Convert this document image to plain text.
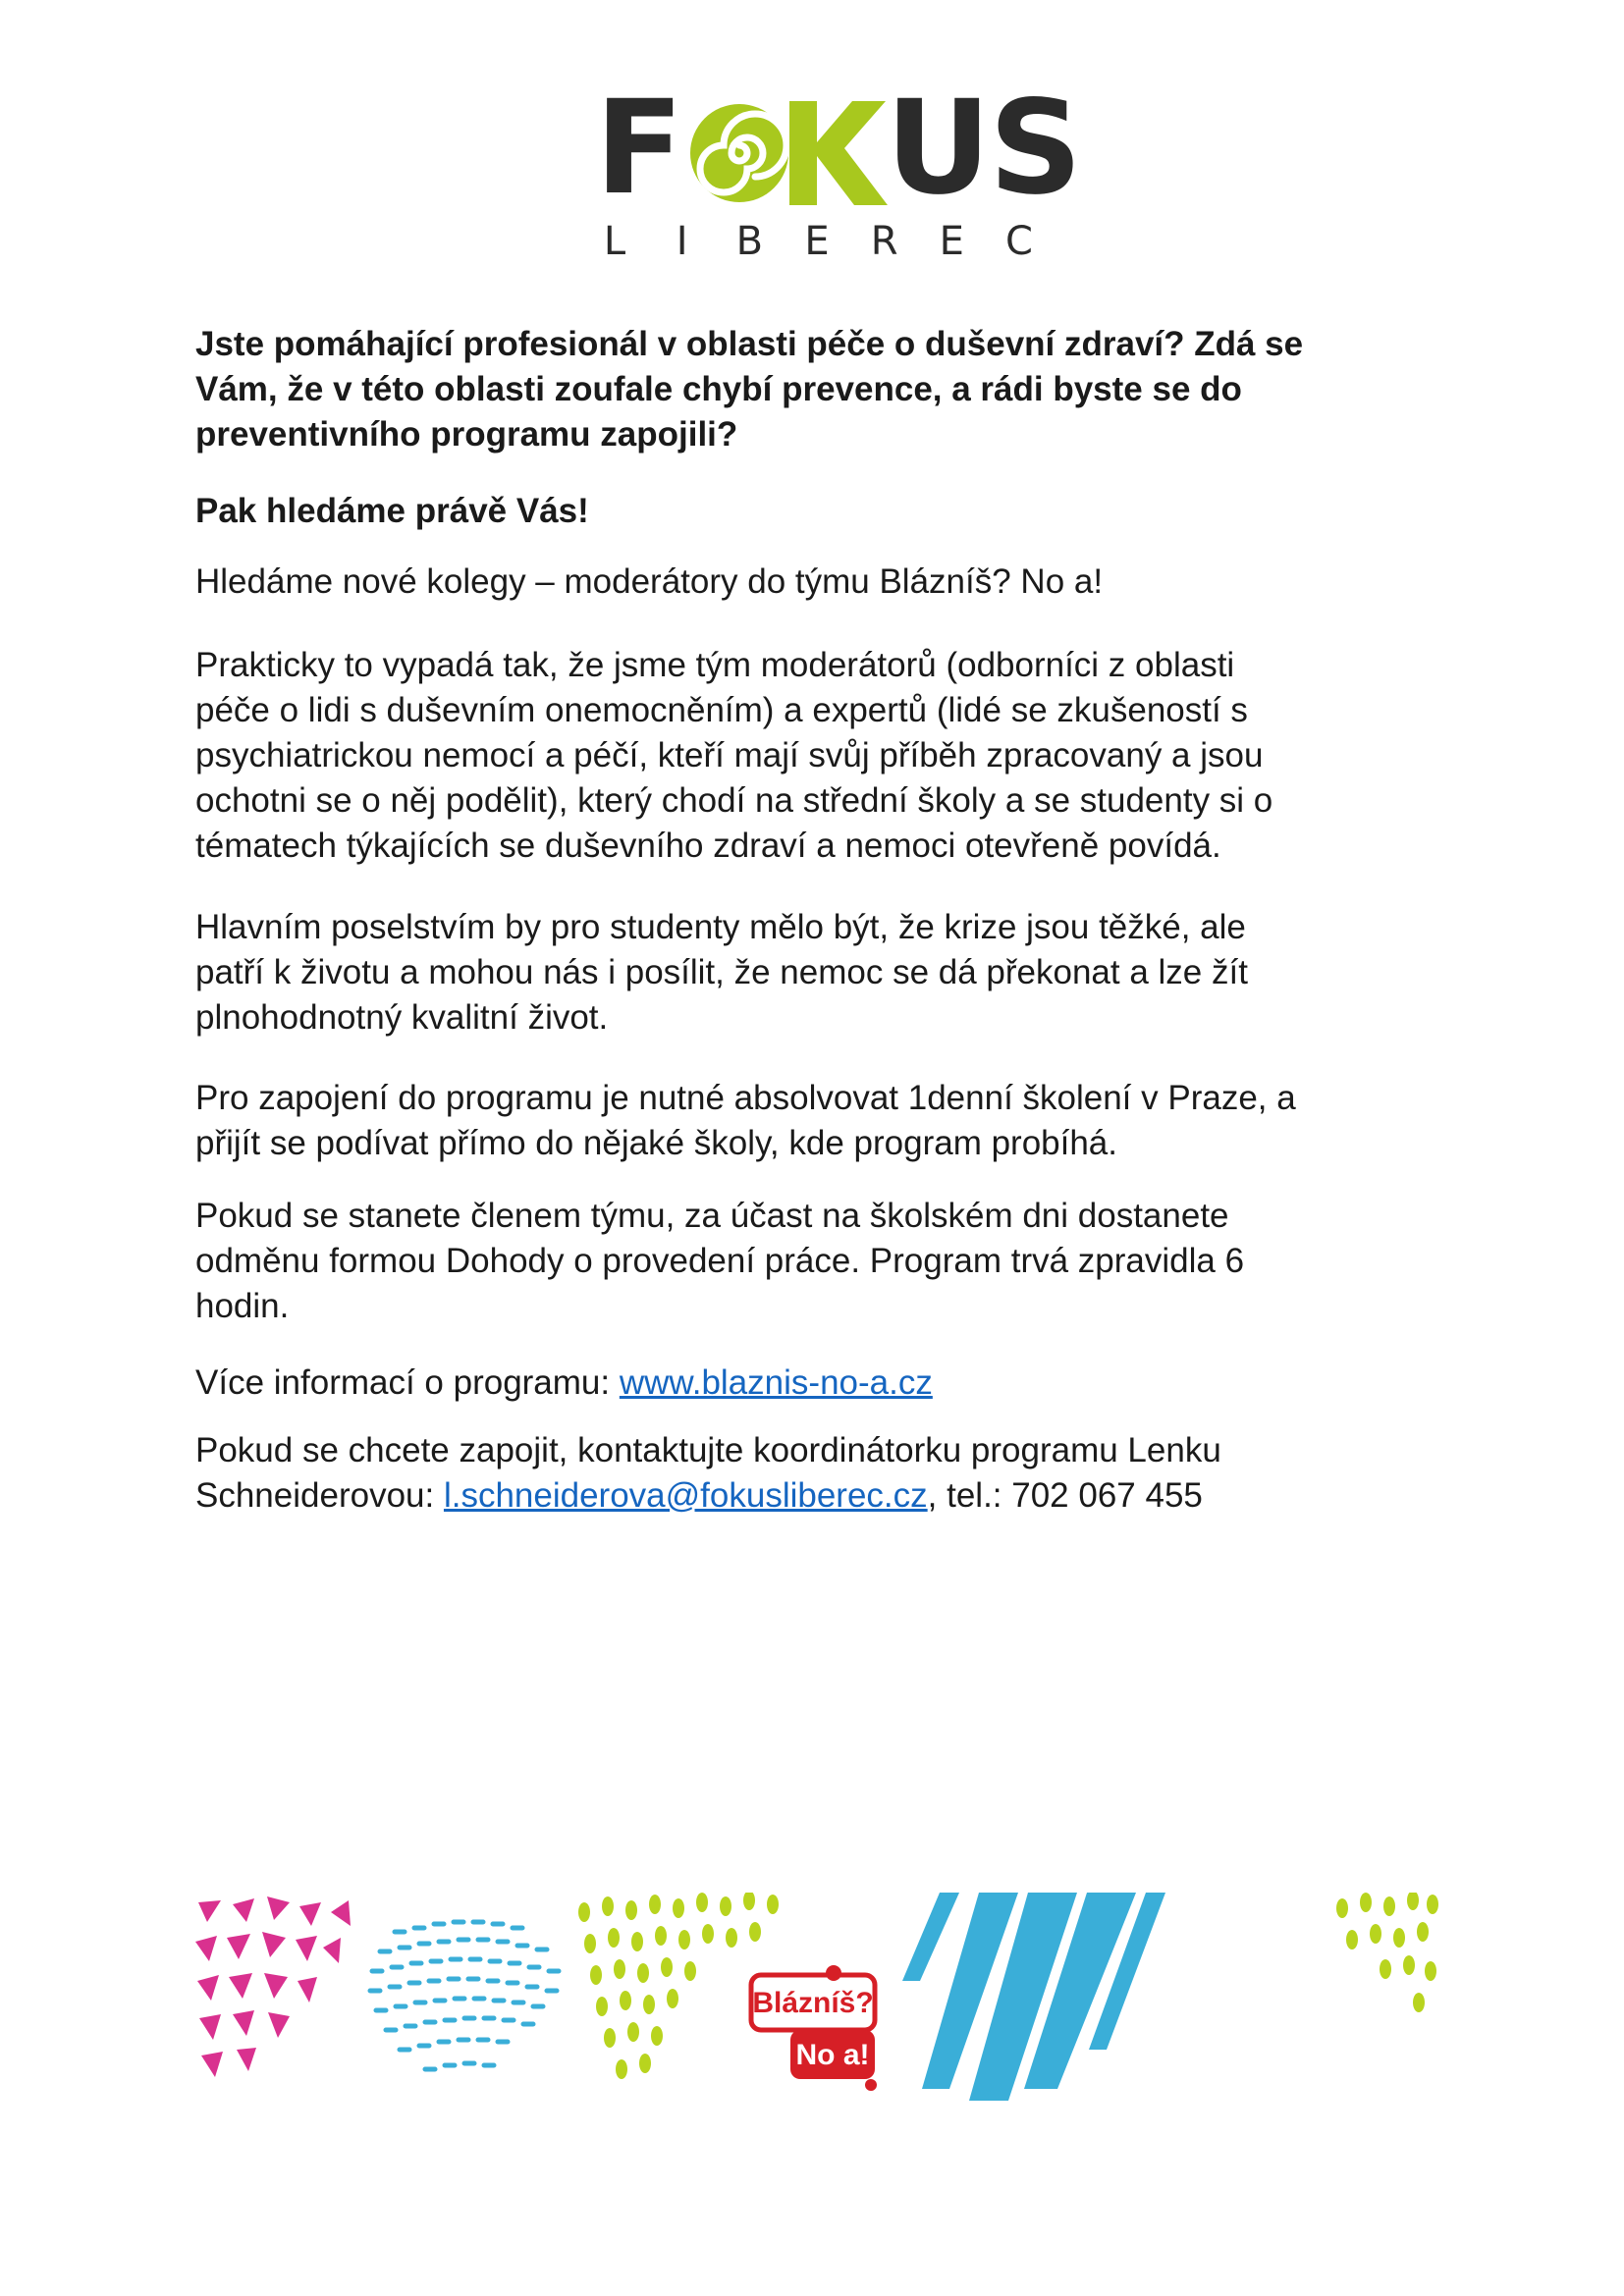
F US
L	I	B E R E C
Jste pomáhající profesionál v oblasti péče o duševní zdraví? Zdá se
Vám, že v této oblasti zoufale chybí prevence, a rádi byste se do
preventivního programu zapojili?
Pak hledáme právě Vás!
Hledáme nové kolegy – moderátory do týmu Blázníš? No a!
Prakticky to vypadá tak, že jsme tým moderátorů (odborníci z oblasti
péče o lidi s duševním onemocněním) a expertů (lidé se zkušeností s
psychiatrickou nemocí a péčí, kteří mají svůj příběh zpracovaný a jsou
ochotni se o něj podělit), který chodí na střední školy a se studenty si o
tématech týkajících se duševního zdraví a nemoci otevřeně povídá.
Hlavním poselstvím by pro studenty mělo být, že krize jsou těžké, ale
patří k životu a mohou nás i posílit, že nemoc se dá překonat a lze žít
plnohodnotný kvalitní život.
Pro zapojení do programu je nutné absolvovat 1denní školení v Praze, a
přijít se podívat přímo do nějaké školy, kde program probíhá.
Pokud se stanete členem týmu, za účast na školském dni dostanete
odměnu formou Dohody o provedení práce. Program trvá zpravidla 6
hodin.
Více informací o programu: www.blaznis-no-a.cz
Pokud se chcete zapojit, kontaktujte koordinátorku programu Lenku
Schneiderovou: l.schneiderova@fokusliberec.cz, tel.: 702 067 455
Blázníš?
No a!
